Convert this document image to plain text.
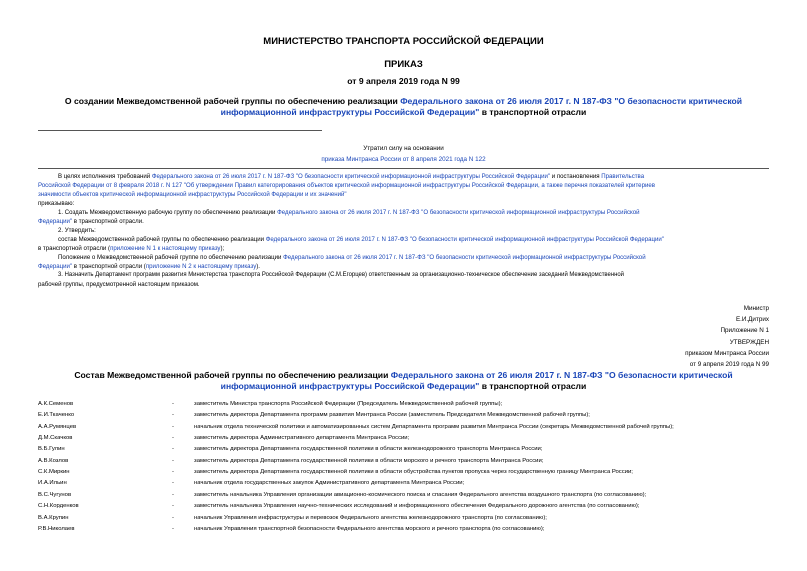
МИНИСТЕРСТВО ТРАНСПОРТА РОССИЙСКОЙ ФЕДЕРАЦИИ
ПРИКАЗ
от 9 апреля 2019 года N 99
О создании Межведомственной рабочей группы по обеспечению реализации Федерального закона от 26 июля 2017 г. N 187-ФЗ "О безопасности критической
информационной инфраструктуры Российской Федерации" в транспортной отрасли
Утратил силу на основании
приказа Минтранса России от 8 апреля 2021 года N 122
В целях исполнения требований Федерального закона от 26 июля 2017 г. N 187-ФЗ "О безопасности критической информационной инфраструктуры Российской Федерации" и постановления Правительства
Российской Федерации от 8 февраля 2018 г. N 127 "Об утверждении Правил категорирования объектов критической информационной инфраструктуры Российской Федерации, а также перечня показателей критериев
значимости объектов критической информационной инфраструктуры Российской Федерации и их значений"
приказываю:
1. Создать Межведомственную рабочую группу по обеспечению реализации Федерального закона от 26 июля 2017 г. N 187-ФЗ "О безопасности критической информационной инфраструктуры Российской
Федерации" в транспортной отрасли.
2. Утвердить:
состав Межведомственной рабочей группы по обеспечению реализации Федерального закона от 26 июля 2017 г. N 187-ФЗ "О безопасности критической информационной инфраструктуры Российской Федерации"
в транспортной отрасли (приложение N 1 к настоящему приказу);
Положение о Межведомственной рабочей группе по обеспечению реализации Федерального закона от 26 июля 2017 г. N 187-ФЗ "О безопасности критической информационной инфраструктуры Российской
Федерации" в транспортной отрасли (приложение N 2 к настоящему приказу).
3. Назначить Департамент программ развития Министерства транспорта Российской Федерации (С.М.Егорцев) ответственным за организационно-техническое обеспечение заседаний Межведомственной
рабочей группы, предусмотренной настоящим приказом.
Министр
Е.И.Дитрих
Приложение N 1
УТВЕРЖДЕН
приказом Минтранса России
от 9 апреля 2019 года N 99
Состав Межведомственной рабочей группы по обеспечению реализации Федерального закона от 26 июля 2017 г. N 187-ФЗ "О безопасности критической
информационной инфраструктуры Российской Федерации" в транспортной отрасли
А.К.Семенов	-	заместитель Министра транспорта Российской Федерации (Председатель Межведомственной рабочей группы);
Е.И.Ткаченко	-	заместитель директора Департамента программ развития Минтранса России (заместитель Председателя Межведомственной рабочей группы);
А.А.Румянцев	-	начальник отдела технической политики и автоматизированных систем Департамента программ развития Минтранса России (секретарь Межведомственной рабочей группы);
Д.М.Скачков	-	заместитель директора Административного департамента Минтранса России;
В.Б.Гулин	-	заместитель директора Департамента государственной политики в области железнодорожного транспорта Минтранса России;
А.В.Козлов	-	заместитель директора Департамента государственной политики в области морского и речного транспорта Минтранса России;
С.К.Миркин	-	заместитель директора Департамента государственной политики в области обустройства пунктов пропуска через государственную границу Минтранса России;
И.А.Ильин	-	начальник отдела государственных закупок Административного департамента Минтранса России;
В.С.Чугунов	-	заместитель начальника Управления организации авиационно-космического поиска и спасания Федерального агентства воздушного транспорта (по согласованию);
С.Н.Корденков	-	заместитель начальника Управления научно-технических исследований и информационного обеспечения Федерального дорожного агентства (по согласованию);
В.А.Крупин	-	начальник Управления инфраструктуры и перевозок Федерального агентства железнодорожного транспорта (по согласованию);
Р.В.Николаев	-	начальник Управления транспортной безопасности Федерального агентства морского и речного транспорта (по согласованию);
